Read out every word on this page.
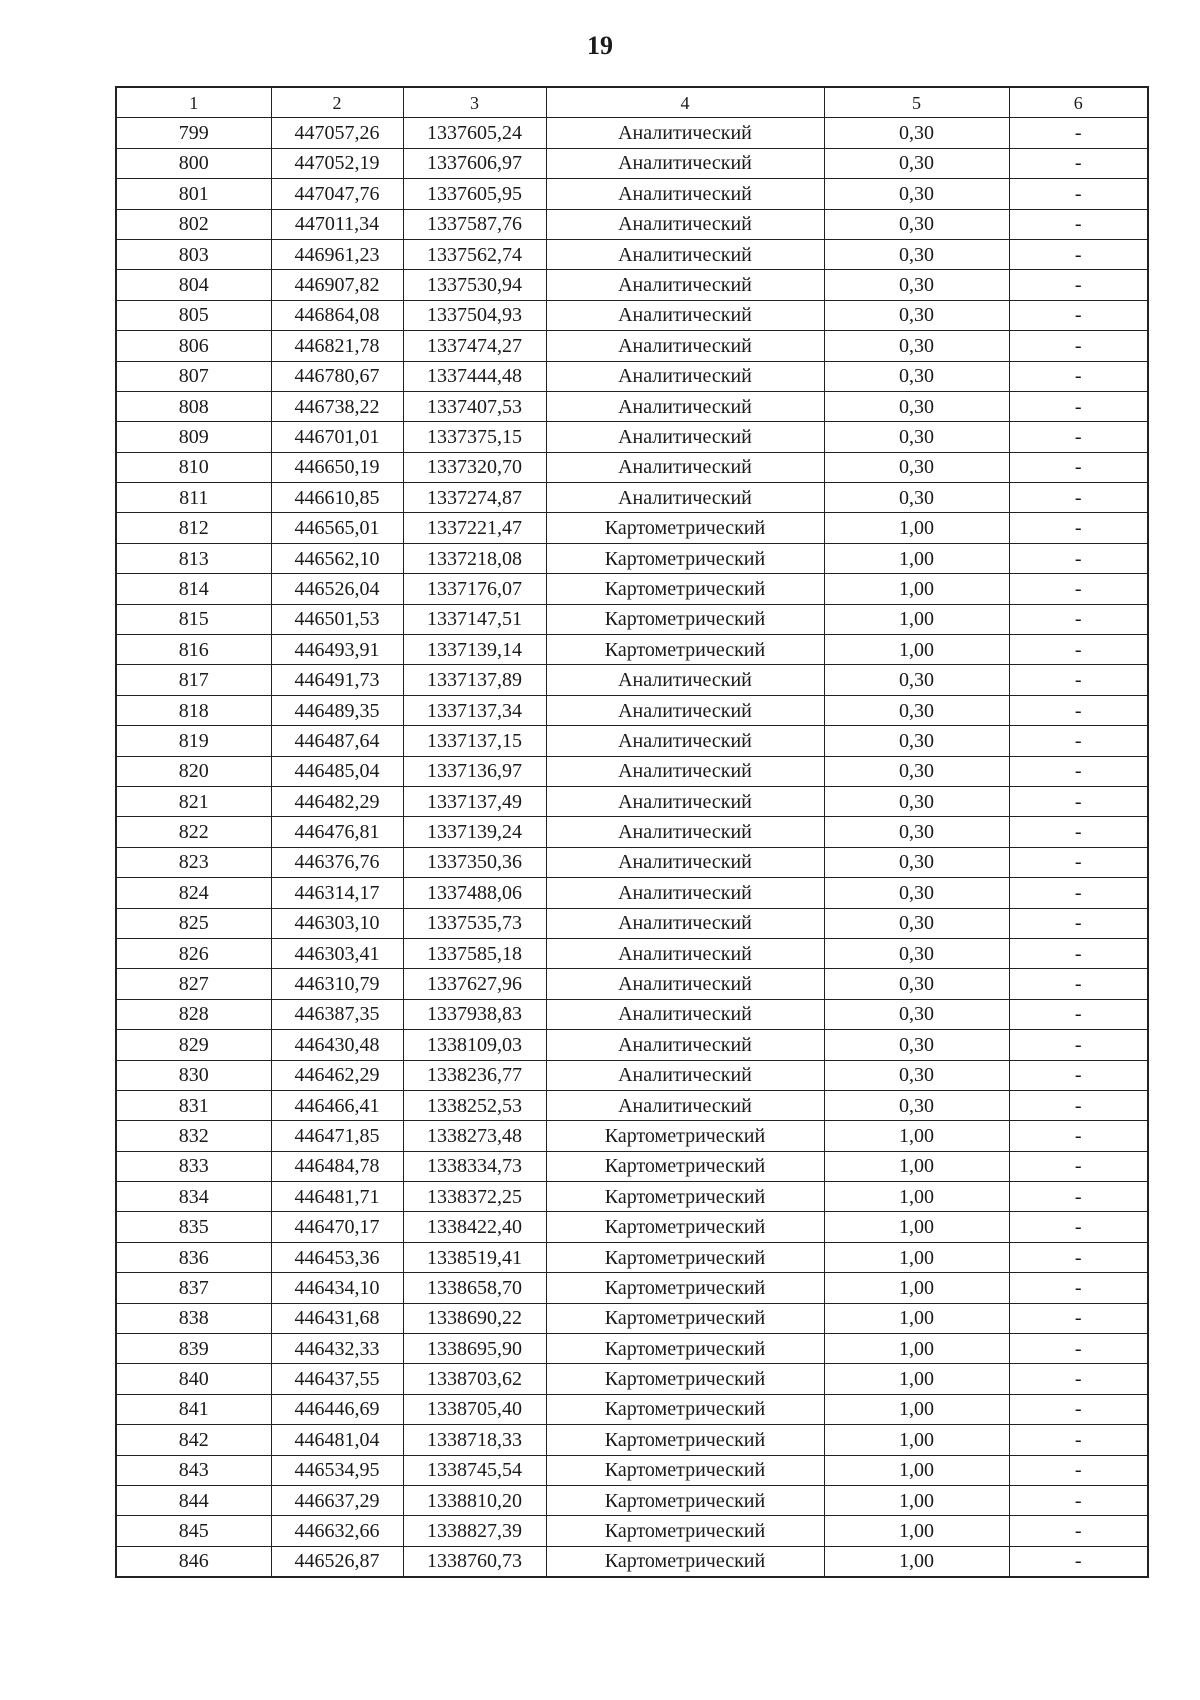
19
1	2	3	4	5	6
799	447057,26	1337605,24	Аналитический	0,30	-
800	447052,19	1337606,97	Аналитический	0,30	-
801	447047,76	1337605,95	Аналитический	0,30	-
802	447011,34	1337587,76	Аналитический	0,30	-
803	446961,23	1337562,74	Аналитический	0,30	-
804	446907,82	1337530,94	Аналитический	0,30	-
805	446864,08	1337504,93	Аналитический	0,30	-
806	446821,78	1337474,27	Аналитический	0,30	-
807	446780,67	1337444,48	Аналитический	0,30	-
808	446738,22	1337407,53	Аналитический	0,30	-
809	446701,01	1337375,15	Аналитический	0,30	-
810	446650,19	1337320,70	Аналитический	0,30	-
811	446610,85	1337274,87	Аналитический	0,30	-
812	446565,01	1337221,47	Картометрический	1,00	-
813	446562,10	1337218,08	Картометрический	1,00	-
814	446526,04	1337176,07	Картометрический	1,00	-
815	446501,53	1337147,51	Картометрический	1,00	-
816	446493,91	1337139,14	Картометрический	1,00	-
817	446491,73	1337137,89	Аналитический	0,30	-
818	446489,35	1337137,34	Аналитический	0,30	-
819	446487,64	1337137,15	Аналитический	0,30	-
820	446485,04	1337136,97	Аналитический	0,30	-
821	446482,29	1337137,49	Аналитический	0,30	-
822	446476,81	1337139,24	Аналитический	0,30	-
823	446376,76	1337350,36	Аналитический	0,30	-
824	446314,17	1337488,06	Аналитический	0,30	-
825	446303,10	1337535,73	Аналитический	0,30	-
826	446303,41	1337585,18	Аналитический	0,30	-
827	446310,79	1337627,96	Аналитический	0,30	-
828	446387,35	1337938,83	Аналитический	0,30	-
829	446430,48	1338109,03	Аналитический	0,30	-
830	446462,29	1338236,77	Аналитический	0,30	-
831	446466,41	1338252,53	Аналитический	0,30	-
832	446471,85	1338273,48	Картометрический	1,00	-
833	446484,78	1338334,73	Картометрический	1,00	-
834	446481,71	1338372,25	Картометрический	1,00	-
835	446470,17	1338422,40	Картометрический	1,00	-
836	446453,36	1338519,41	Картометрический	1,00	-
837	446434,10	1338658,70	Картометрический	1,00	-
838	446431,68	1338690,22	Картометрический	1,00	-
839	446432,33	1338695,90	Картометрический	1,00	-
840	446437,55	1338703,62	Картометрический	1,00	-
841	446446,69	1338705,40	Картометрический	1,00	-
842	446481,04	1338718,33	Картометрический	1,00	-
843	446534,95	1338745,54	Картометрический	1,00	-
844	446637,29	1338810,20	Картометрический	1,00	-
845	446632,66	1338827,39	Картометрический	1,00	-
846	446526,87	1338760,73	Картометрический	1,00	-
